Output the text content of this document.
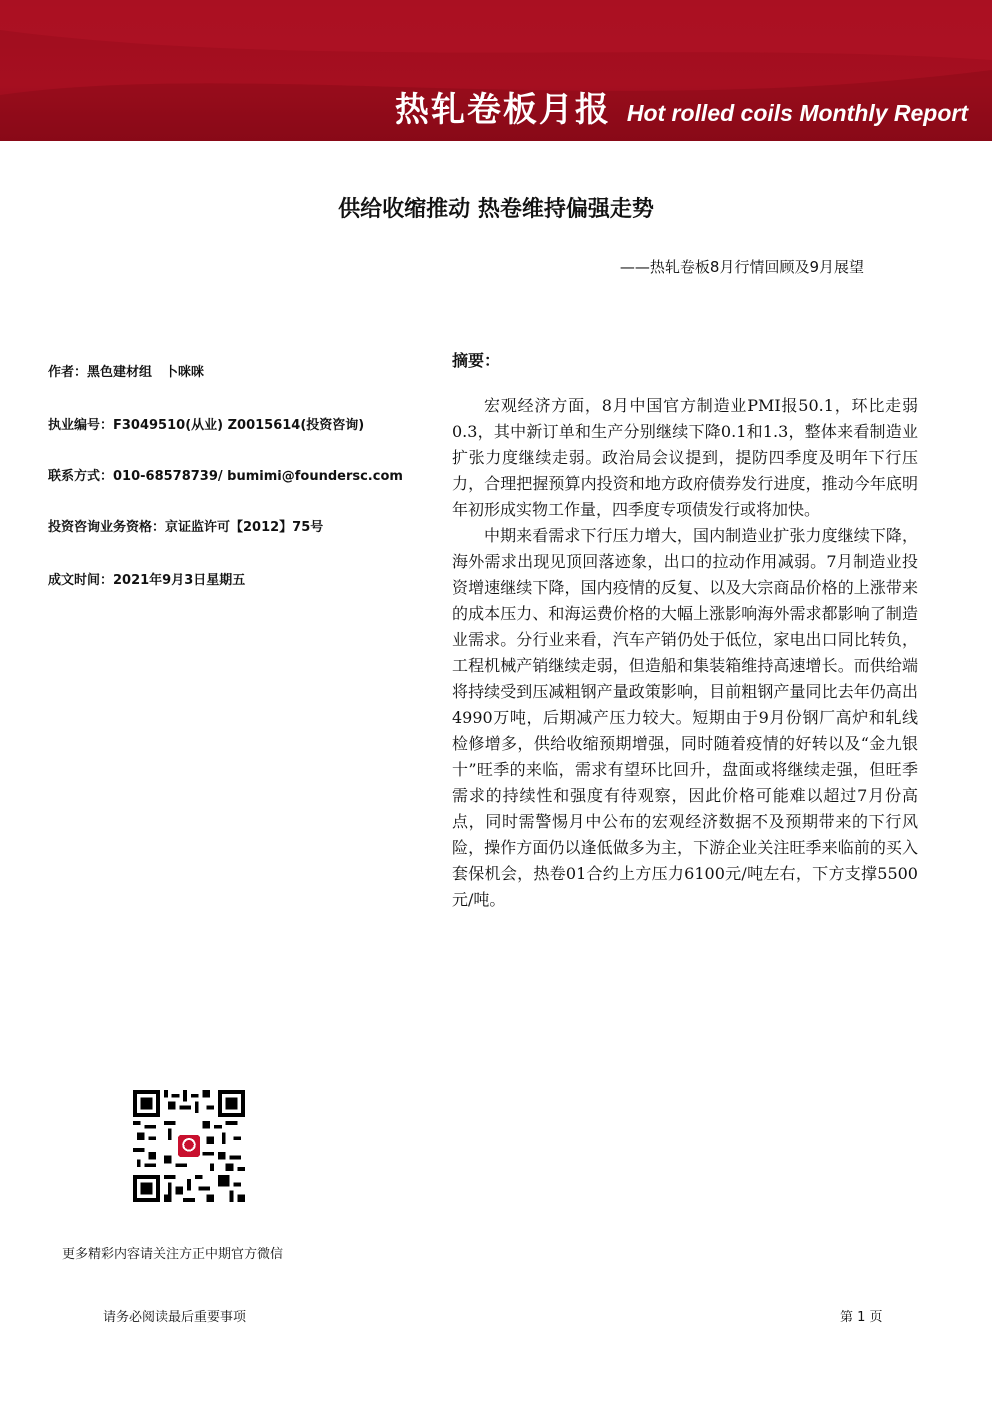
热轧卷板月报 Hot rolled coils Monthly Report
供给收缩推动 热卷维持偏强走势
——热轧卷板8月行情回顾及9月展望
作者：黑色建材组　卜咪咪
执业编号：F3049510(从业) Z0015614(投资咨询)
联系方式：010-68578739/ bumimi@foundersc.com
投资咨询业务资格：京证监许可【2012】75号
成文时间：2021年9月3日星期五
摘要：

宏观经济方面，8月中国官方制造业PMI报50.1，环比走弱0.3，其中新订单和生产分别继续下降0.1和1.3，整体来看制造业扩张力度继续走弱。政治局会议提到，提防四季度及明年下行压力，合理把握预算内投资和地方政府债券发行进度，推动今年底明年初形成实物工作量，四季度专项债发行或将加快。

中期来看需求下行压力增大，国内制造业扩张力度继续下降，海外需求出现见顶回落迹象，出口的拉动作用减弱。7月制造业投资增速继续下降，国内疫情的反复、以及大宗商品价格的上涨带来的成本压力、和海运费价格的大幅上涨影响海外需求都影响了制造业需求。分行业来看，汽车产销仍处于低位，家电出口同比转负，工程机械产销继续走弱，但造船和集装箱维持高速增长。而供给端将持续受到压减粗钢产量政策影响，目前粗钢产量同比去年仍高出4990万吨，后期减产压力较大。短期由于9月份钢厂高炉和轧线检修增多，供给收缩预期增强，同时随着疫情的好转以及“金九银十”旺季的来临，需求有望环比回升，盘面或将继续走强，但旺季需求的持续性和强度有待观察，因此价格可能难以超过7月份高点，同时需警惕月中公布的宏观经济数据不及预期带来的下行风险，操作方面仍以逢低做多为主，下游企业关注旺季来临前的买入套保机会，热卷01合约上方压力6100元/吨左右，下方支撑5500元/吨。

更多精彩内容请关注方正中期官方微信
请务必阅读最后重要事项	第 1 页
